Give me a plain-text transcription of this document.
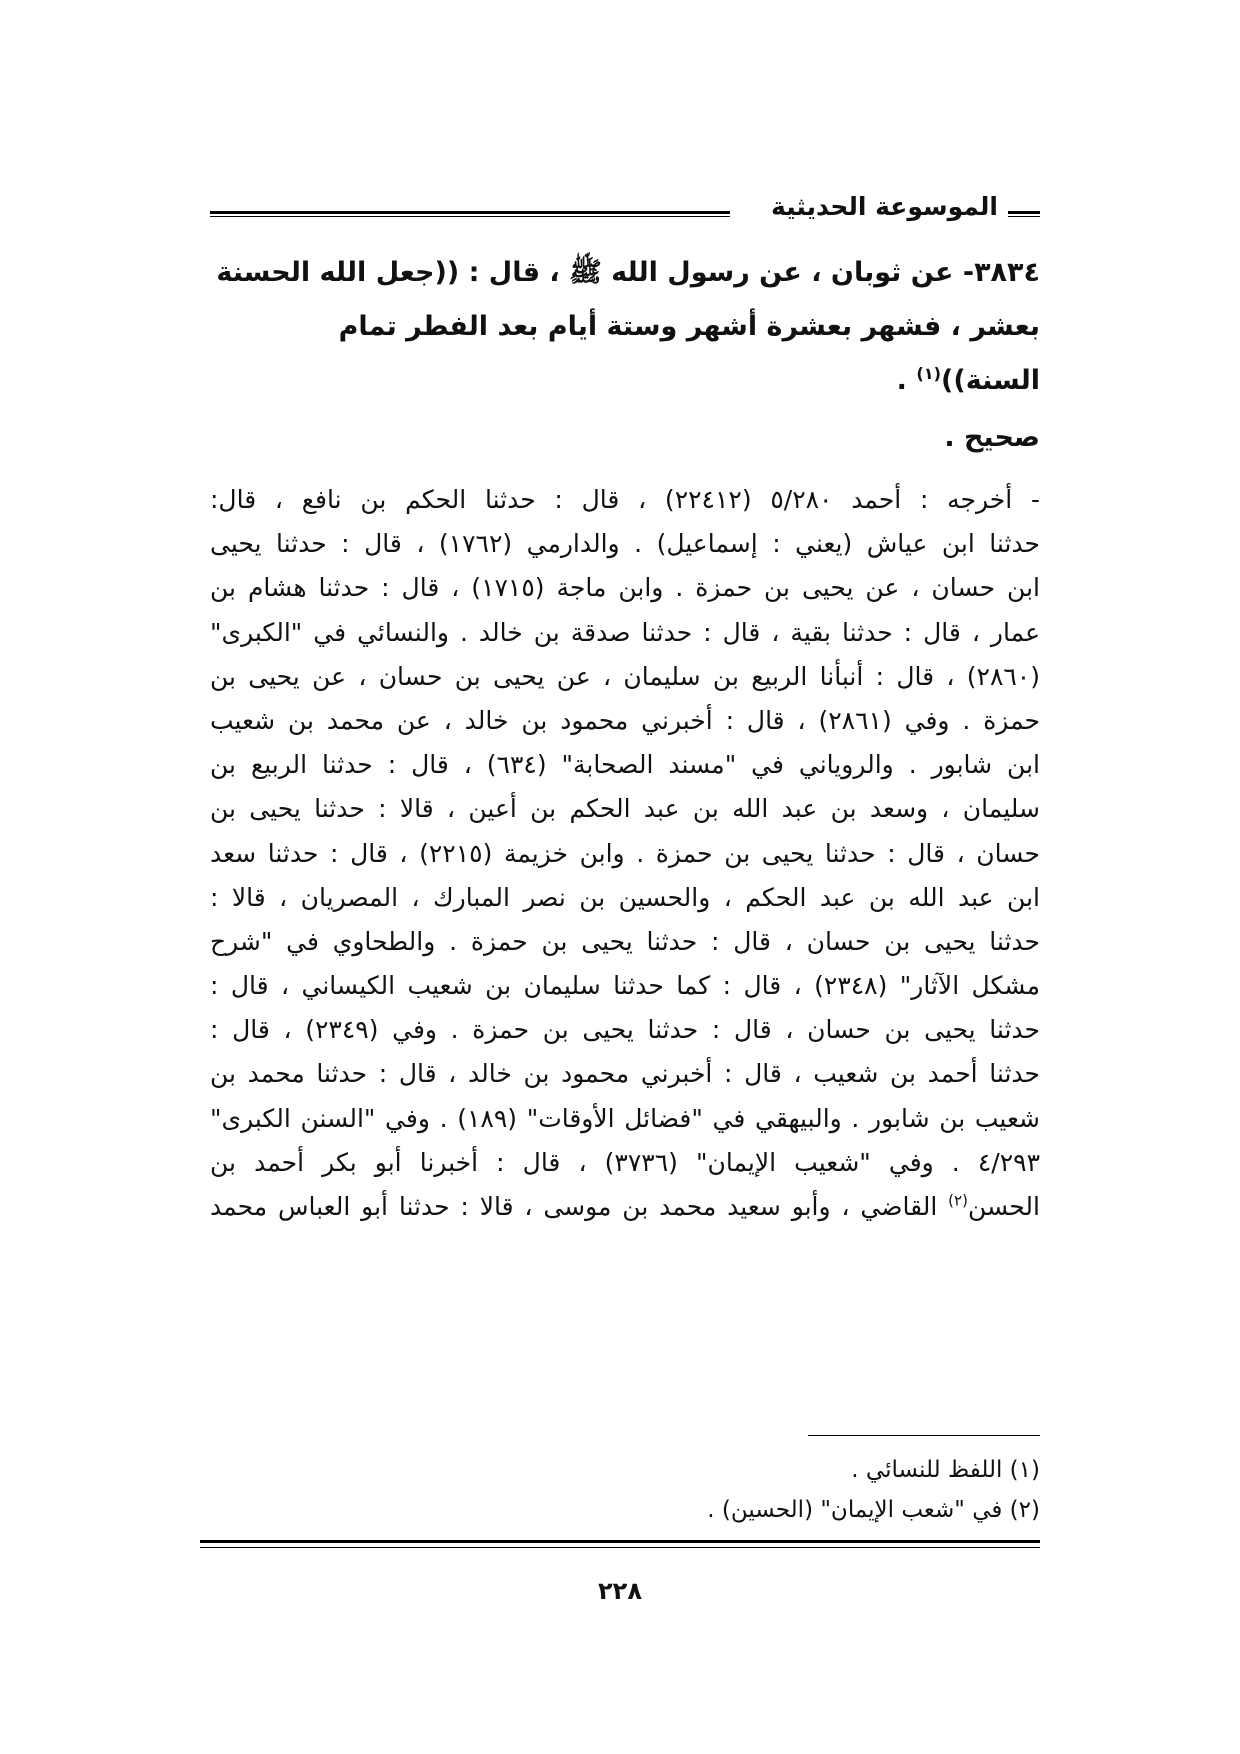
الموسوعة الحديثية
٣٨٣٤- عن ثوبان ، عن رسول الله ﷺ ، قال : ((جعل الله الحسنة
بعشر ، فشهر بعشرة أشهر وستة أيام بعد الفطر تمام
السنة))$^{(١)}$ .
صحيح .
- أخرجه : أحمد ٥/٢٨٠ (٢٢٤١٢) ، قال : حدثنا الحكم بن نافع ، قال:
حدثنا ابن عياش (يعني : إسماعيل) . والدارمي (١٧٦٢) ، قال : حدثنا يحيى
ابن حسان ، عن يحيى بن حمزة . وابن ماجة (١٧١٥) ، قال : حدثنا هشام بن
عمار ، قال : حدثنا بقية ، قال : حدثنا صدقة بن خالد . والنسائي في "الكبرى"
(٢٨٦٠) ، قال : أنبأنا الربيع بن سليمان ، عن يحيى بن حسان ، عن يحيى بن
حمزة . وفي (٢٨٦١) ، قال : أخبرني محمود بن خالد ، عن محمد بن شعيب
ابن شابور . والروياني في "مسند الصحابة" (٦٣٤) ، قال : حدثنا الربيع بن
سليمان ، وسعد بن عبد الله بن عبد الحكم بن أعين ، قالا : حدثنا يحيى بن
حسان ، قال : حدثنا يحيى بن حمزة . وابن خزيمة (٢٢١٥) ، قال : حدثنا سعد
ابن عبد الله بن عبد الحكم ، والحسين بن نصر المبارك ، المصريان ، قالا :
حدثنا يحيى بن حسان ، قال : حدثنا يحيى بن حمزة . والطحاوي في "شرح
مشكل الآثار" (٢٣٤٨) ، قال : كما حدثنا سليمان بن شعيب الكيساني ، قال :
حدثنا يحيى بن حسان ، قال : حدثنا يحيى بن حمزة . وفي (٢٣٤٩) ، قال :
حدثنا أحمد بن شعيب ، قال : أخبرني محمود بن خالد ، قال : حدثنا محمد بن
شعيب بن شابور . والبيهقي في "فضائل الأوقات" (١٨٩) . وفي "السنن الكبرى"
٤/٢٩٣ . وفي "شعيب الإيمان" (٣٧٣٦) ، قال : أخبرنا أبو بكر أحمد بن
الحسن$^{(٢)}$ القاضي ، وأبو سعيد محمد بن موسى ، قالا : حدثنا أبو العباس محمد
(١) اللفظ للنسائي .
(٢) في "شعب الإيمان" (الحسين) .
٢٢٨
